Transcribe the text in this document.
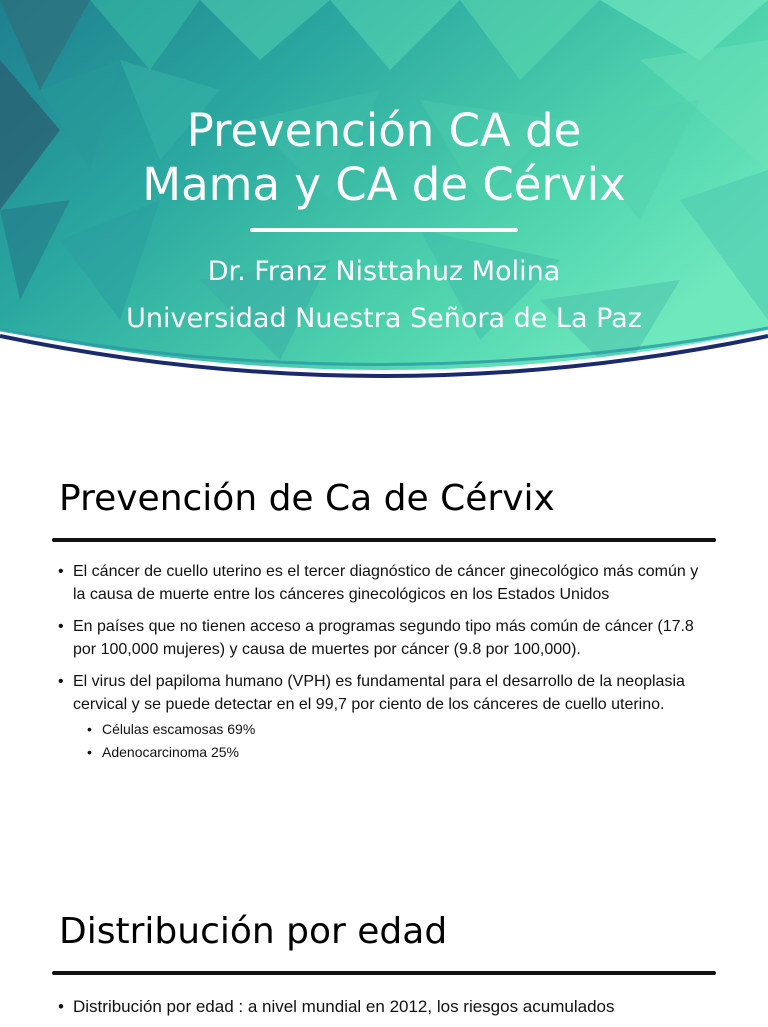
Prevención CA de
Mama y CA de Cérvix
Dr. Franz Nisttahuz Molina
Universidad Nuestra Señora de La Paz
Prevención de Ca de Cérvix
• El cáncer de cuello uterino es el tercer diagnóstico de cáncer ginecológico más común y la causa de muerte entre los cánceres ginecológicos en los Estados Unidos
• En países que no tienen acceso a programas segundo tipo más común de cáncer (17.8 por 100,000 mujeres) y causa de muertes por cáncer (9.8 por 100,000).
• El virus del papiloma humano (VPH) es fundamental para el desarrollo de la neoplasia cervical y se puede detectar en el 99,7 por ciento de los cánceres de cuello uterino.
• Células escamosas 69%
• Adenocarcinoma 25%
Distribución por edad
• Distribución por edad : a nivel mundial en 2012, los riesgos acumulados
